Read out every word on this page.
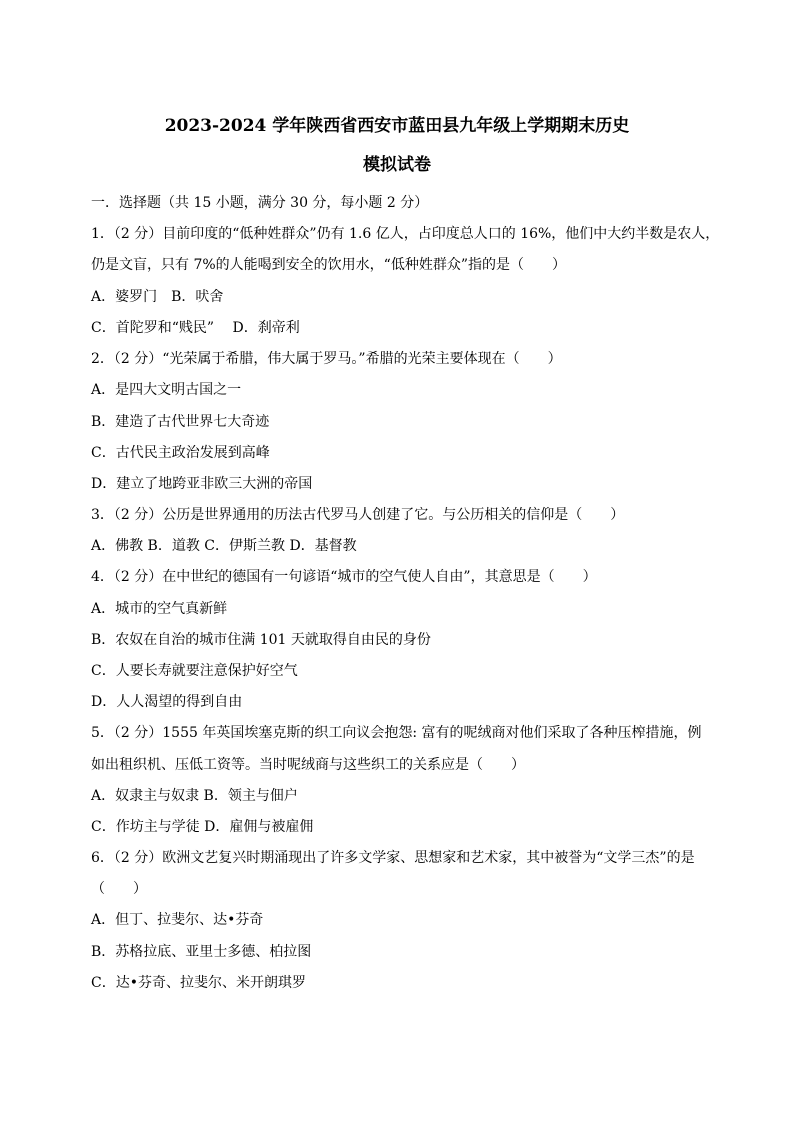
2023-2024 学年陕西省西安市蓝田县九年级上学期期末历史
模拟试卷
一．选择题（共 15 小题，满分 30 分，每小题 2 分）
1．（2 分）目前印度的“低种姓群众”仍有 1.6 亿人，占印度总人口的 16%，他们中大约半数是农人，
仍是文盲，只有 7%的人能喝到安全的饮用水，“低种姓群众”指的是（　　）
A．婆罗门　B．吠舍
C．首陀罗和“贱民”　 D．刹帝利
2．（2 分）“光荣属于希腊，伟大属于罗马。”希腊的光荣主要体现在（　　）
A．是四大文明古国之一
B．建造了古代世界七大奇迹
C．古代民主政治发展到高峰
D．建立了地跨亚非欧三大洲的帝国
3．（2 分）公历是世界通用的历法古代罗马人创建了它。与公历相关的信仰是（　　）
A．佛教 B．道教 C．伊斯兰教 D．基督教
4．（2 分）在中世纪的德国有一句谚语“城市的空气使人自由”，其意思是（　　）
A．城市的空气真新鲜
B．农奴在自治的城市住满 101 天就取得自由民的身份
C．人要长寿就要注意保护好空气
D．人人渴望的得到自由
5．（2 分）1555 年英国埃塞克斯的织工向议会抱怨: 富有的呢绒商对他们采取了各种压榨措施，例
如出租织机、压低工资等。当时呢绒商与这些织工的关系应是（　　）
A．奴隶主与奴隶 B．领主与佃户
C．作坊主与学徒 D．雇佣与被雇佣
6．（2 分）欧洲文艺复兴时期涌现出了许多文学家、思想家和艺术家，其中被誉为“文学三杰”的是
（　　）
A．但丁、拉斐尔、达•芬奇
B．苏格拉底、亚里士多德、柏拉图
C．达•芬奇、拉斐尔、米开朗琪罗
